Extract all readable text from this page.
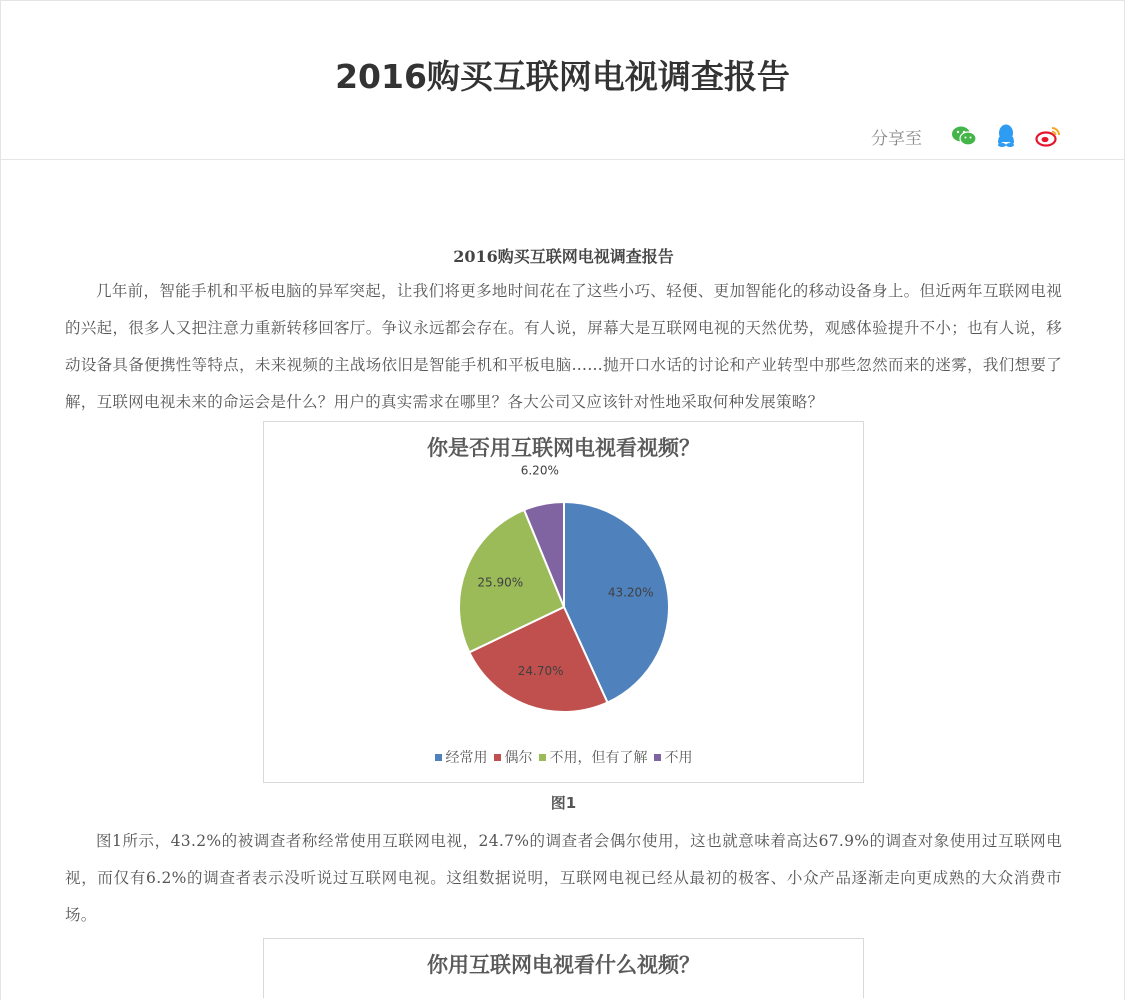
2016购买互联网电视调查报告
分享至
2016购买互联网电视调查报告

几年前，智能手机和平板电脑的异军突起，让我们将更多地时间花在了这些小巧、轻便、更加智能化的移动设备身上。但近两年互联网电视的兴起，很多人又把注意力重新转移回客厅。争议永远都会存在。有人说，屏幕大是互联网电视的天然优势，观感体验提升不小；也有人说，移动设备具备便携性等特点，未来视频的主战场依旧是智能手机和平板电脑……抛开口水话的讨论和产业转型中那些忽然而来的迷雾，我们想要了解，互联网电视未来的命运会是什么？用户的真实需求在哪里？各大公司又应该针对性地采取何种发展策略？

你是否用互联网电视看视频？
43.20%
24.70%
25.90%
6.20%
经常用 偶尔 不用，但有了解 不用
图1

图1所示，43.2%的被调查者称经常使用互联网电视，24.7%的调查者会偶尔使用，这也就意味着高达67.9%的调查对象使用过互联网电视，而仅有6.2%的调查者表示没听说过互联网电视。这组数据说明，互联网电视已经从最初的极客、小众产品逐渐走向更成熟的大众消费市场。

你用互联网电视看什么视频？
